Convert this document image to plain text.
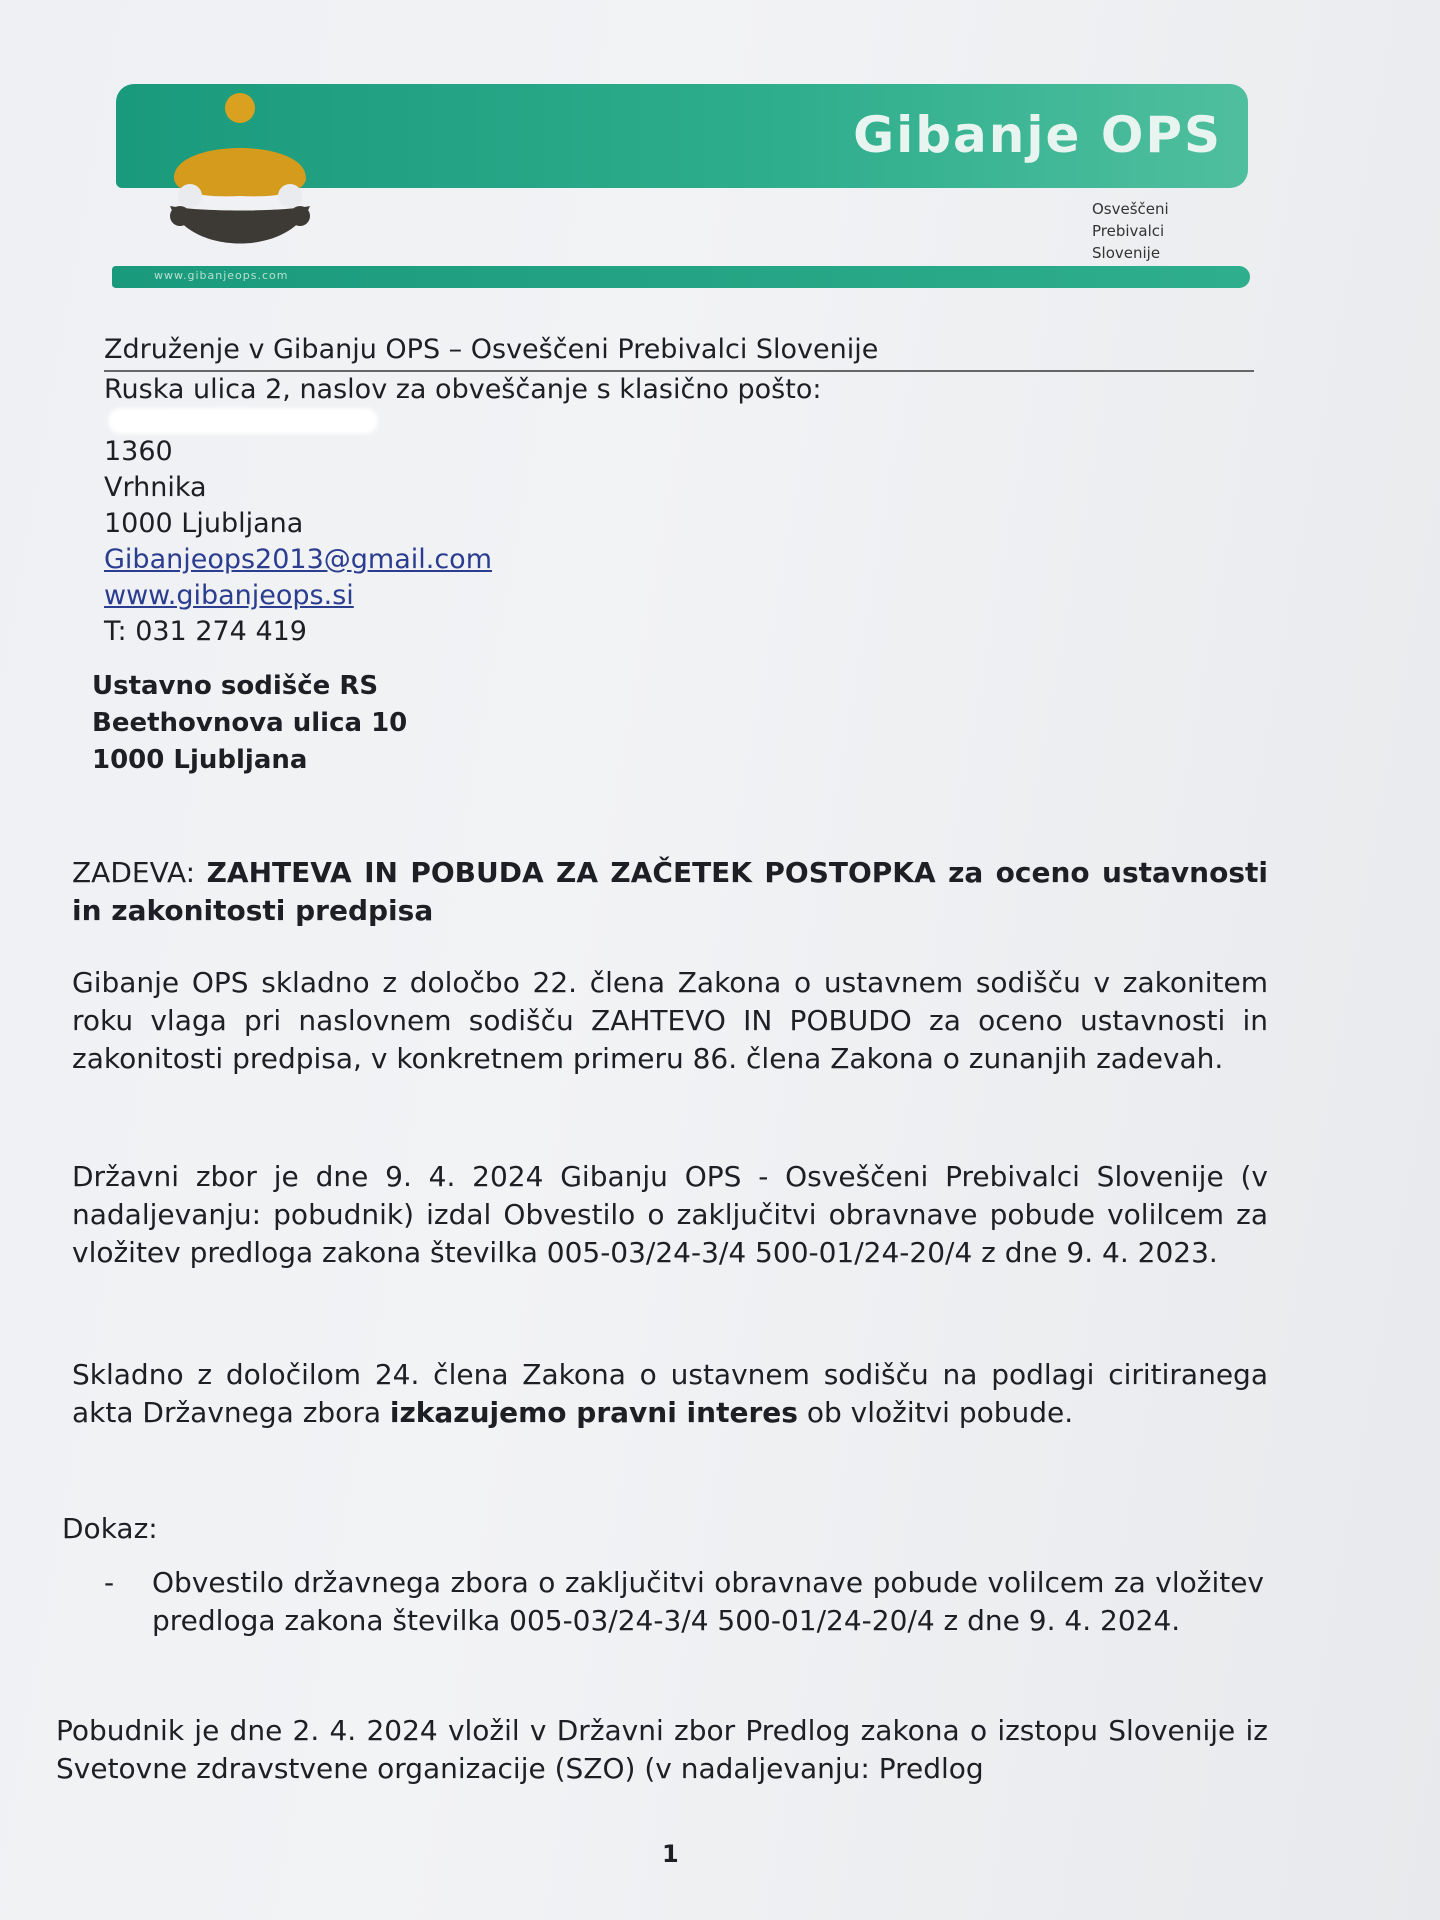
Gibanje OPS
Osveščeni
Prebivalci
Slovenije
www.gibanjeops.com
Združenje v Gibanju OPS – Osveščeni Prebivalci Slovenije
Ruska ulica 2, naslov za obveščanje s klasično pošto:
1360
Vrhnika
1000 Ljubljana
Gibanjeops2013@gmail.com
www.gibanjeops.si
T: 031 274 419
Ustavno sodišče RS
Beethovnova ulica 10
1000 Ljubljana
ZADEVA: ZAHTEVA IN POBUDA ZA ZAČETEK POSTOPKA za oceno ustavnosti in zakonitosti predpisa
Gibanje OPS skladno z določbo 22. člena Zakona o ustavnem sodišču v zakonitem roku vlaga pri naslovnem sodišču ZAHTEVO IN POBUDO za oceno ustavnosti in zakonitosti predpisa, v konkretnem primeru 86. člena Zakona o zunanjih zadevah.
Državni zbor je dne 9. 4. 2024 Gibanju OPS - Osveščeni Prebivalci Slovenije (v nadaljevanju: pobudnik) izdal Obvestilo o zaključitvi obravnave pobude volilcem za vložitev predloga zakona številka 005-03/24-3/4 500-01/24-20/4 z dne 9. 4. 2023.
Skladno z določilom 24. člena Zakona o ustavnem sodišču na podlagi ciritiranega akta Državnega zbora izkazujemo pravni interes ob vložitvi pobude.
Dokaz:
- Obvestilo državnega zbora o zaključitvi obravnave pobude volilcem za vložitev predloga zakona številka 005-03/24-3/4 500-01/24-20/4 z dne 9. 4. 2024.
Pobudnik je dne 2. 4. 2024 vložil v Državni zbor Predlog zakona o izstopu Slovenije iz Svetovne zdravstvene organizacije (SZO) (v nadaljevanju: Predlog
1
